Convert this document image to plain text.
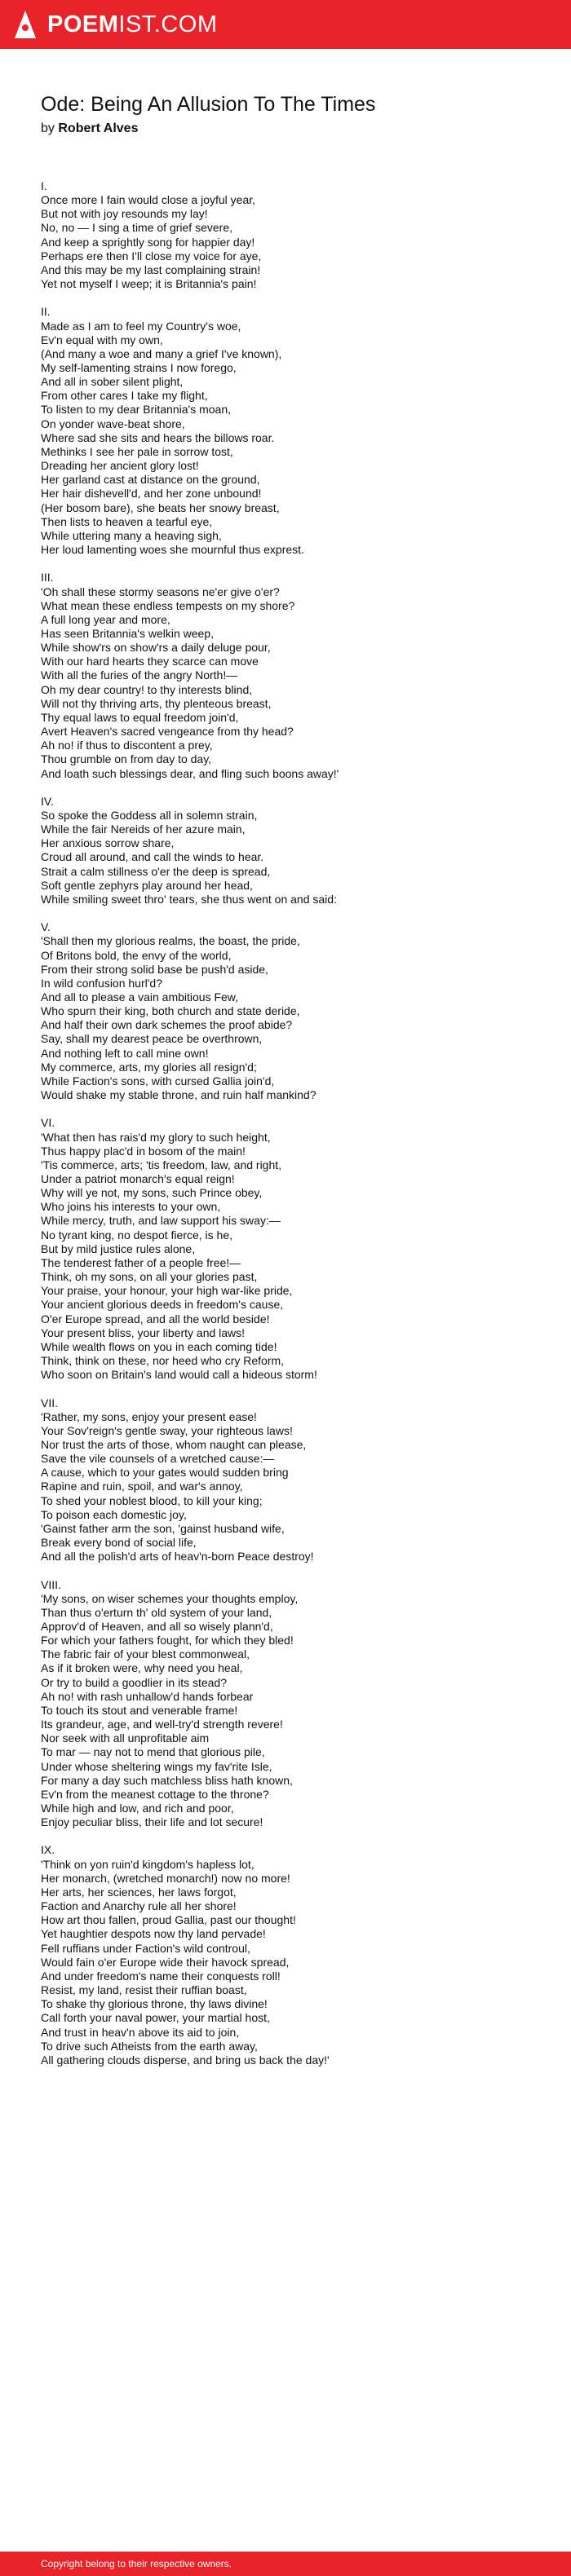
POEMIST.COM
Ode: Being An Allusion To The Times
by Robert Alves
I.
Once more I fain would close a joyful year,
But not with joy resounds my lay!
No, no — I sing a time of grief severe,
And keep a sprightly song for happier day!
Perhaps ere then I'll close my voice for aye,
And this may be my last complaining strain!
Yet not myself I weep; it is Britannia's pain!
II.
Made as I am to feel my Country's woe,
Ev'n equal with my own,
(And many a woe and many a grief I've known),
My self-lamenting strains I now forego,
And all in sober silent plight,
From other cares I take my flight,
To listen to my dear Britannia's moan,
On yonder wave-beat shore,
Where sad she sits and hears the billows roar.
Methinks I see her pale in sorrow tost,
Dreading her ancient glory lost!
Her garland cast at distance on the ground,
Her hair dishevell'd, and her zone unbound!
(Her bosom bare), she beats her snowy breast,
Then lists to heaven a tearful eye,
While uttering many a heaving sigh,
Her loud lamenting woes she mournful thus exprest.
III.
'Oh shall these stormy seasons ne'er give o'er?
What mean these endless tempests on my shore?
A full long year and more,
Has seen Britannia's welkin weep,
While show'rs on show'rs a daily deluge pour,
With our hard hearts they scarce can move
With all the furies of the angry North!—
Oh my dear country! to thy interests blind,
Will not thy thriving arts, thy plenteous breast,
Thy equal laws to equal freedom join'd,
Avert Heaven's sacred vengeance from thy head?
Ah no! if thus to discontent a prey,
Thou grumble on from day to day,
And loath such blessings dear, and fling such boons away!'
IV.
So spoke the Goddess all in solemn strain,
While the fair Nereids of her azure main,
Her anxious sorrow share,
Croud all around, and call the winds to hear.
Strait a calm stillness o'er the deep is spread,
Soft gentle zephyrs play around her head,
While smiling sweet thro' tears, she thus went on and said:
V.
'Shall then my glorious realms, the boast, the pride,
Of Britons bold, the envy of the world,
From their strong solid base be push'd aside,
In wild confusion hurl'd?
And all to please a vain ambitious Few,
Who spurn their king, both church and state deride,
And half their own dark schemes the proof abide?
Say, shall my dearest peace be overthrown,
And nothing left to call mine own!
My commerce, arts, my glories all resign'd;
While Faction's sons, with cursed Gallia join'd,
Would shake my stable throne, and ruin half mankind?
VI.
'What then has rais'd my glory to such height,
Thus happy plac'd in bosom of the main!
'Tis commerce, arts; 'tis freedom, law, and right,
Under a patriot monarch's equal reign!
Why will ye not, my sons, such Prince obey,
Who joins his interests to your own,
While mercy, truth, and law support his sway:—
No tyrant king, no despot fierce, is he,
But by mild justice rules alone,
The tenderest father of a people free!—
Think, oh my sons, on all your glories past,
Your praise, your honour, your high war-like pride,
Your ancient glorious deeds in freedom's cause,
O'er Europe spread, and all the world beside!
Your present bliss, your liberty and laws!
While wealth flows on you in each coming tide!
Think, think on these, nor heed who cry Reform,
Who soon on Britain's land would call a hideous storm!
VII.
'Rather, my sons, enjoy your present ease!
Your Sov'reign's gentle sway, your righteous laws!
Nor trust the arts of those, whom naught can please,
Save the vile counsels of a wretched cause:—
A cause, which to your gates would sudden bring
Rapine and ruin, spoil, and war's annoy,
To shed your noblest blood, to kill your king;
To poison each domestic joy,
'Gainst father arm the son, 'gainst husband wife,
Break every bond of social life,
And all the polish'd arts of heav'n-born Peace destroy!
VIII.
'My sons, on wiser schemes your thoughts employ,
Than thus o'erturn th' old system of your land,
Approv'd of Heaven, and all so wisely plann'd,
For which your fathers fought, for which they bled!
The fabric fair of your blest commonweal,
As if it broken were, why need you heal,
Or try to build a goodlier in its stead?
Ah no! with rash unhallow'd hands forbear
To touch its stout and venerable frame!
Its grandeur, age, and well-try'd strength revere!
Nor seek with all unprofitable aim
To mar — nay not to mend that glorious pile,
Under whose sheltering wings my fav'rite Isle,
For many a day such matchless bliss hath known,
Ev'n from the meanest cottage to the throne?
While high and low, and rich and poor,
Enjoy peculiar bliss, their life and lot secure!
IX.
'Think on yon ruin'd kingdom's hapless lot,
Her monarch, (wretched monarch!) now no more!
Her arts, her sciences, her laws forgot,
Faction and Anarchy rule all her shore!
How art thou fallen, proud Gallia, past our thought!
Yet haughtier despots now thy land pervade!
Fell ruffians under Faction's wild controul,
Would fain o'er Europe wide their havock spread,
And under freedom's name their conquests roll!
Resist, my land, resist their ruffian boast,
To shake thy glorious throne, thy laws divine!
Call forth your naval power, your martial host,
And trust in heav'n above its aid to join,
To drive such Atheists from the earth away,
All gathering clouds disperse, and bring us back the day!'
Copyright belong to their respective owners.
